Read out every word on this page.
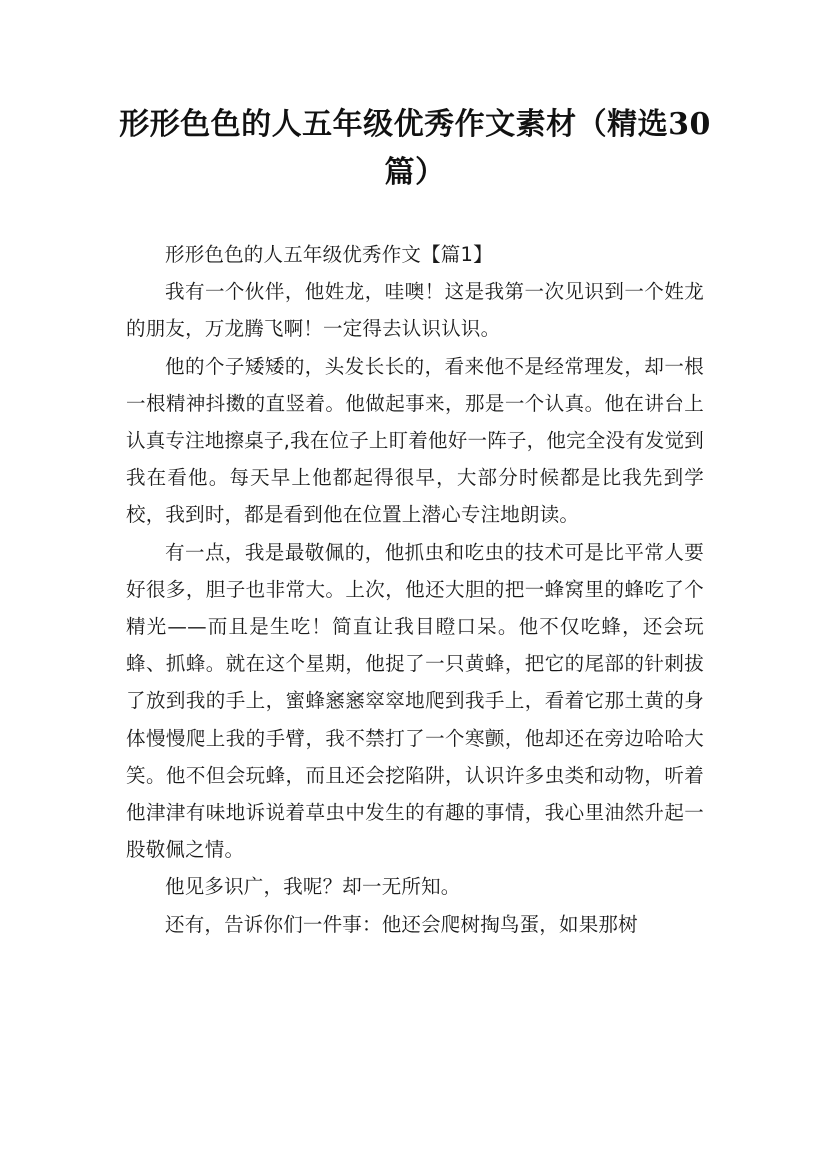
形形色色的人五年级优秀作文素材（精选30篇）

形形色色的人五年级优秀作文【篇1】

我有一个伙伴，他姓龙，哇噢！这是我第一次见识到一个姓龙的朋友，万龙腾飞啊！一定得去认识认识。

他的个子矮矮的，头发长长的，看来他不是经常理发，却一根一根精神抖擞的直竖着。他做起事来，那是一个认真。他在讲台上认真专注地擦桌子,我在位子上盯着他好一阵子，他完全没有发觉到我在看他。每天早上他都起得很早，大部分时候都是比我先到学校，我到时，都是看到他在位置上潜心专注地朗读。

有一点，我是最敬佩的，他抓虫和吃虫的技术可是比平常人要好很多，胆子也非常大。上次，他还大胆的把一蜂窝里的蜂吃了个精光——而且是生吃！简直让我目瞪口呆。他不仅吃蜂，还会玩蜂、抓蜂。就在这个星期，他捉了一只黄蜂，把它的尾部的针刺拔了放到我的手上，蜜蜂窸窸窣窣地爬到我手上，看着它那土黄的身体慢慢爬上我的手臂，我不禁打了一个寒颤，他却还在旁边哈哈大笑。他不但会玩蜂，而且还会挖陷阱，认识许多虫类和动物，听着他津津有味地诉说着草虫中发生的有趣的事情，我心里油然升起一股敬佩之情。

他见多识广，我呢？却一无所知。

还有，告诉你们一件事：他还会爬树掏鸟蛋，如果那树
